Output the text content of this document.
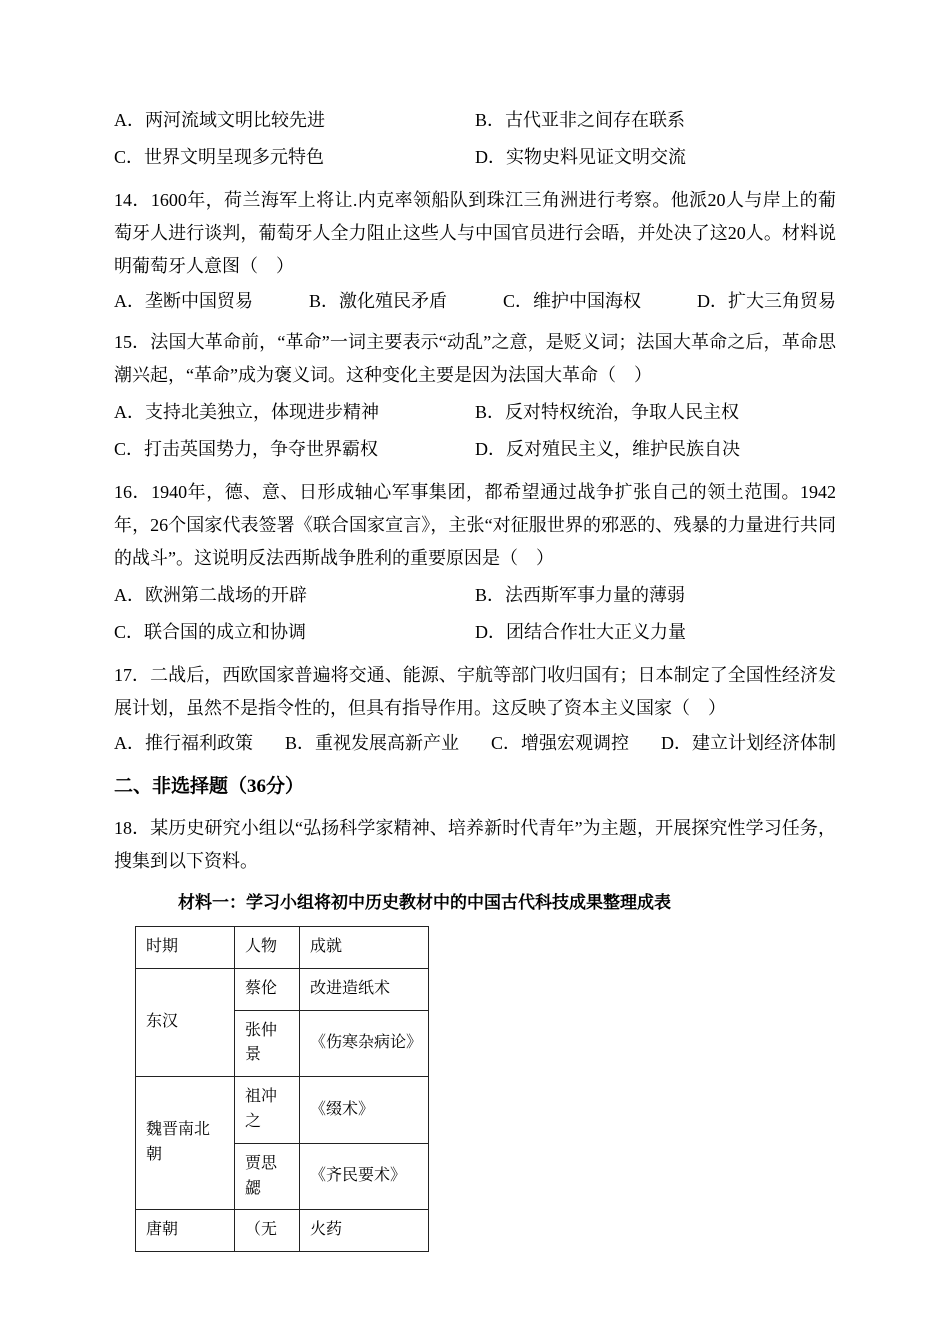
A．两河流域文明比较先进	B．古代亚非之间存在联系
C．世界文明呈现多元特色	D．实物史料见证文明交流

14．1600年，荷兰海军上将让.内克率领船队到珠江三角洲进行考察。他派20人与岸上的葡萄牙人进行谈判，葡萄牙人全力阻止这些人与中国官员进行会晤，并处决了这20人。材料说明葡萄牙人意图（　）

A．垄断中国贸易	B．激化殖民矛盾	C．维护中国海权	D．扩大三角贸易

15．法国大革命前，“革命”一词主要表示“动乱”之意，是贬义词；法国大革命之后，革命思潮兴起，“革命”成为褒义词。这种变化主要是因为法国大革命（　）

A．支持北美独立，体现进步精神	B．反对特权统治，争取人民主权
C．打击英国势力，争夺世界霸权	D．反对殖民主义，维护民族自决

16．1940年，德、意、日形成轴心军事集团，都希望通过战争扩张自己的领土范围。1942年，26个国家代表签署《联合国家宣言》，主张“对征服世界的邪恶的、残暴的力量进行共同的战斗”。这说明反法西斯战争胜利的重要原因是（　）

A．欧洲第二战场的开辟	B．法西斯军事力量的薄弱
C．联合国的成立和协调	D．团结合作壮大正义力量

17．二战后，西欧国家普遍将交通、能源、宇航等部门收归国有；日本制定了全国性经济发展计划，虽然不是指令性的，但具有指导作用。这反映了资本主义国家（　）

A．推行福利政策 B．重视发展高新产业 C．增强宏观调控 D．建立计划经济体制
二、非选择题（36分）

18．某历史研究小组以“弘扬科学家精神、培养新时代青年”为主题，开展探究性学习任务，搜集到以下资料。

材料一：学习小组将初中历史教材中的中国古代科技成果整理成表

时期	人物	成就
东汉	蔡伦	改进造纸术
	张仲景	《伤寒杂病论》
魏晋南北朝	祖冲之	《缀术》
	贾思勰	《齐民要术》
唐朝	（无	火药
